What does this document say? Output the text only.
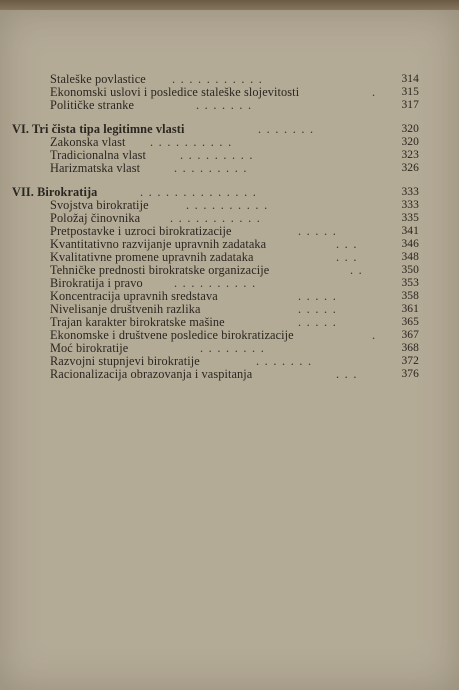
Staleške povlastice ...........	314
Ekonomski uslovi i posledice staleške slojevitosti	.	315
Političke stranke	.......	317
VI. Tri čista tipa legitimne vlasti	.......	320
Zakonska vlast ..........	320
Tradicionalna vlast	.........	323
Harizmatska vlast	.........	326
VII. Birokratija	..............	333
Svojstva birokratije	..........	333
Položaj činovnika ...........	335
Pretpostavke i uzroci birokratizacije	.....	341
Kvantitativno razvijanje upravnih zadataka	...	346
Kvalitativne promene upravnih zadataka	...	348
Tehničke prednosti birokratske organizacije	..	350
Birokratija i pravo	..........	353
Koncentracija upravnih sredstava	.....	358
Nivelisanje društvenih razlika	.....	361
Trajan karakter birokratske mašine	.....	365
Ekonomske i društvene posledice birokratizacije	.	367
Moć birokratije	........	368
Razvojni stupnjevi birokratije	.......	372
Racionalizacija obrazovanja i vaspitanja	...	376
